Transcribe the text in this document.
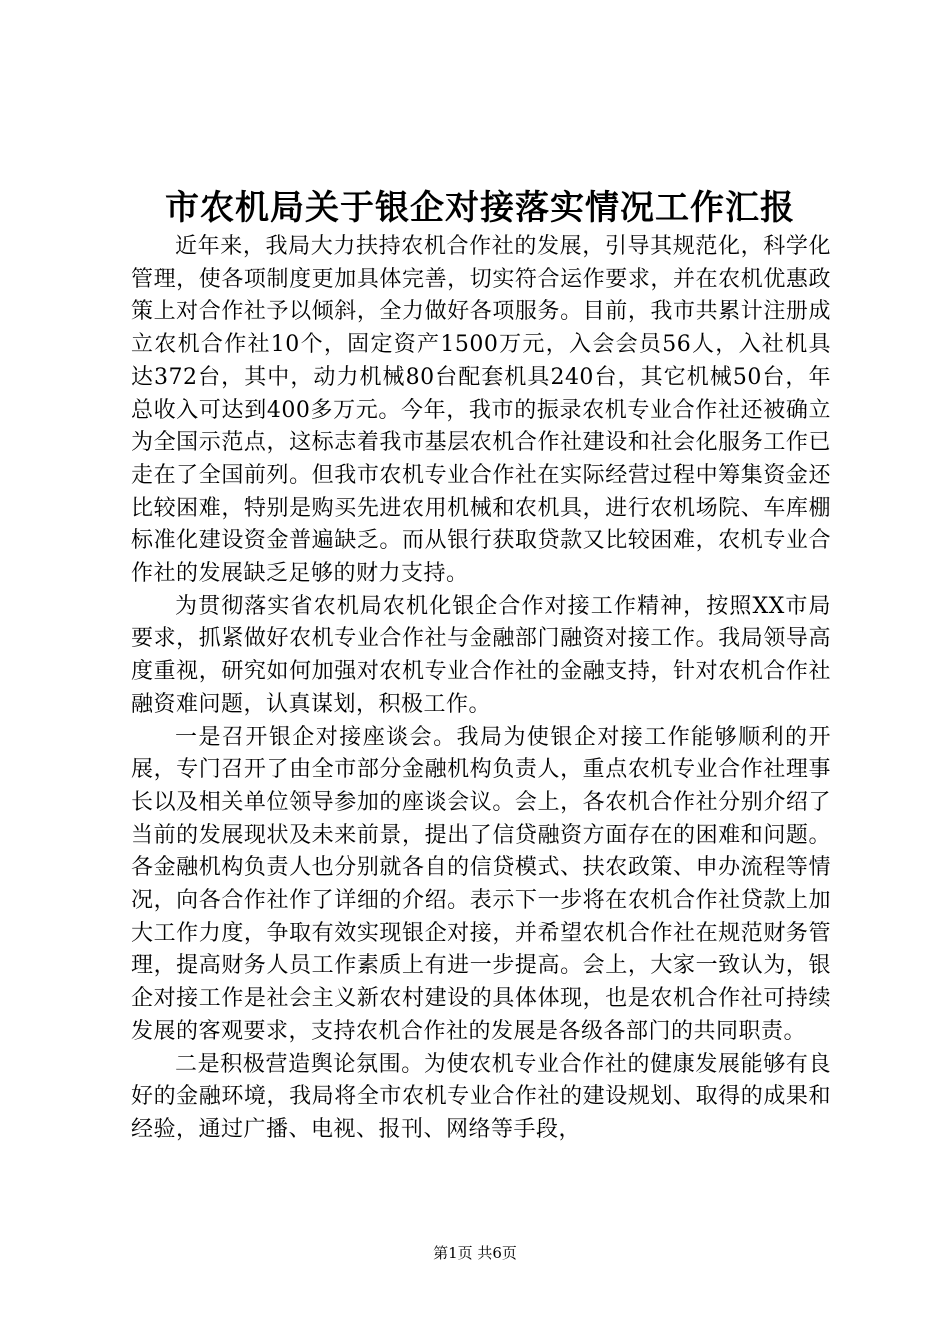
市农机局关于银企对接落实情况工作汇报

近年来，我局大力扶持农机合作社的发展，引导其规范化，科学化管理，使各项制度更加具体完善，切实符合运作要求，并在农机优惠政策上对合作社予以倾斜，全力做好各项服务。目前，我市共累计注册成立农机合作社10个，固定资产1500万元，入会会员56人，入社机具达372台，其中，动力机械80台配套机具240台，其它机械50台，年总收入可达到400多万元。今年，我市的振录农机专业合作社还被确立为全国示范点，这标志着我市基层农机合作社建设和社会化服务工作已走在了全国前列。但我市农机专业合作社在实际经营过程中筹集资金还比较困难，特别是购买先进农用机械和农机具，进行农机场院、车库棚标准化建设资金普遍缺乏。而从银行获取贷款又比较困难，农机专业合作社的发展缺乏足够的财力支持。

为贯彻落实省农机局农机化银企合作对接工作精神，按照XX市局要求，抓紧做好农机专业合作社与金融部门融资对接工作。我局领导高度重视，研究如何加强对农机专业合作社的金融支持，针对农机合作社融资难问题，认真谋划，积极工作。

一是召开银企对接座谈会。我局为使银企对接工作能够顺利的开展，专门召开了由全市部分金融机构负责人，重点农机专业合作社理事长以及相关单位领导参加的座谈会议。会上，各农机合作社分别介绍了当前的发展现状及未来前景，提出了信贷融资方面存在的困难和问题。各金融机构负责人也分别就各自的信贷模式、扶农政策、申办流程等情况，向各合作社作了详细的介绍。表示下一步将在农机合作社贷款上加大工作力度，争取有效实现银企对接，并希望农机合作社在规范财务管理，提高财务人员工作素质上有进一步提高。会上，大家一致认为，银企对接工作是社会主义新农村建设的具体体现，也是农机合作社可持续发展的客观要求，支持农机合作社的发展是各级各部门的共同职责。

二是积极营造舆论氛围。为使农机专业合作社的健康发展能够有良好的金融环境，我局将全市农机专业合作社的建设规划、取得的成果和经验，通过广播、电视、报刊、网络等手段，

第1页 共6页
